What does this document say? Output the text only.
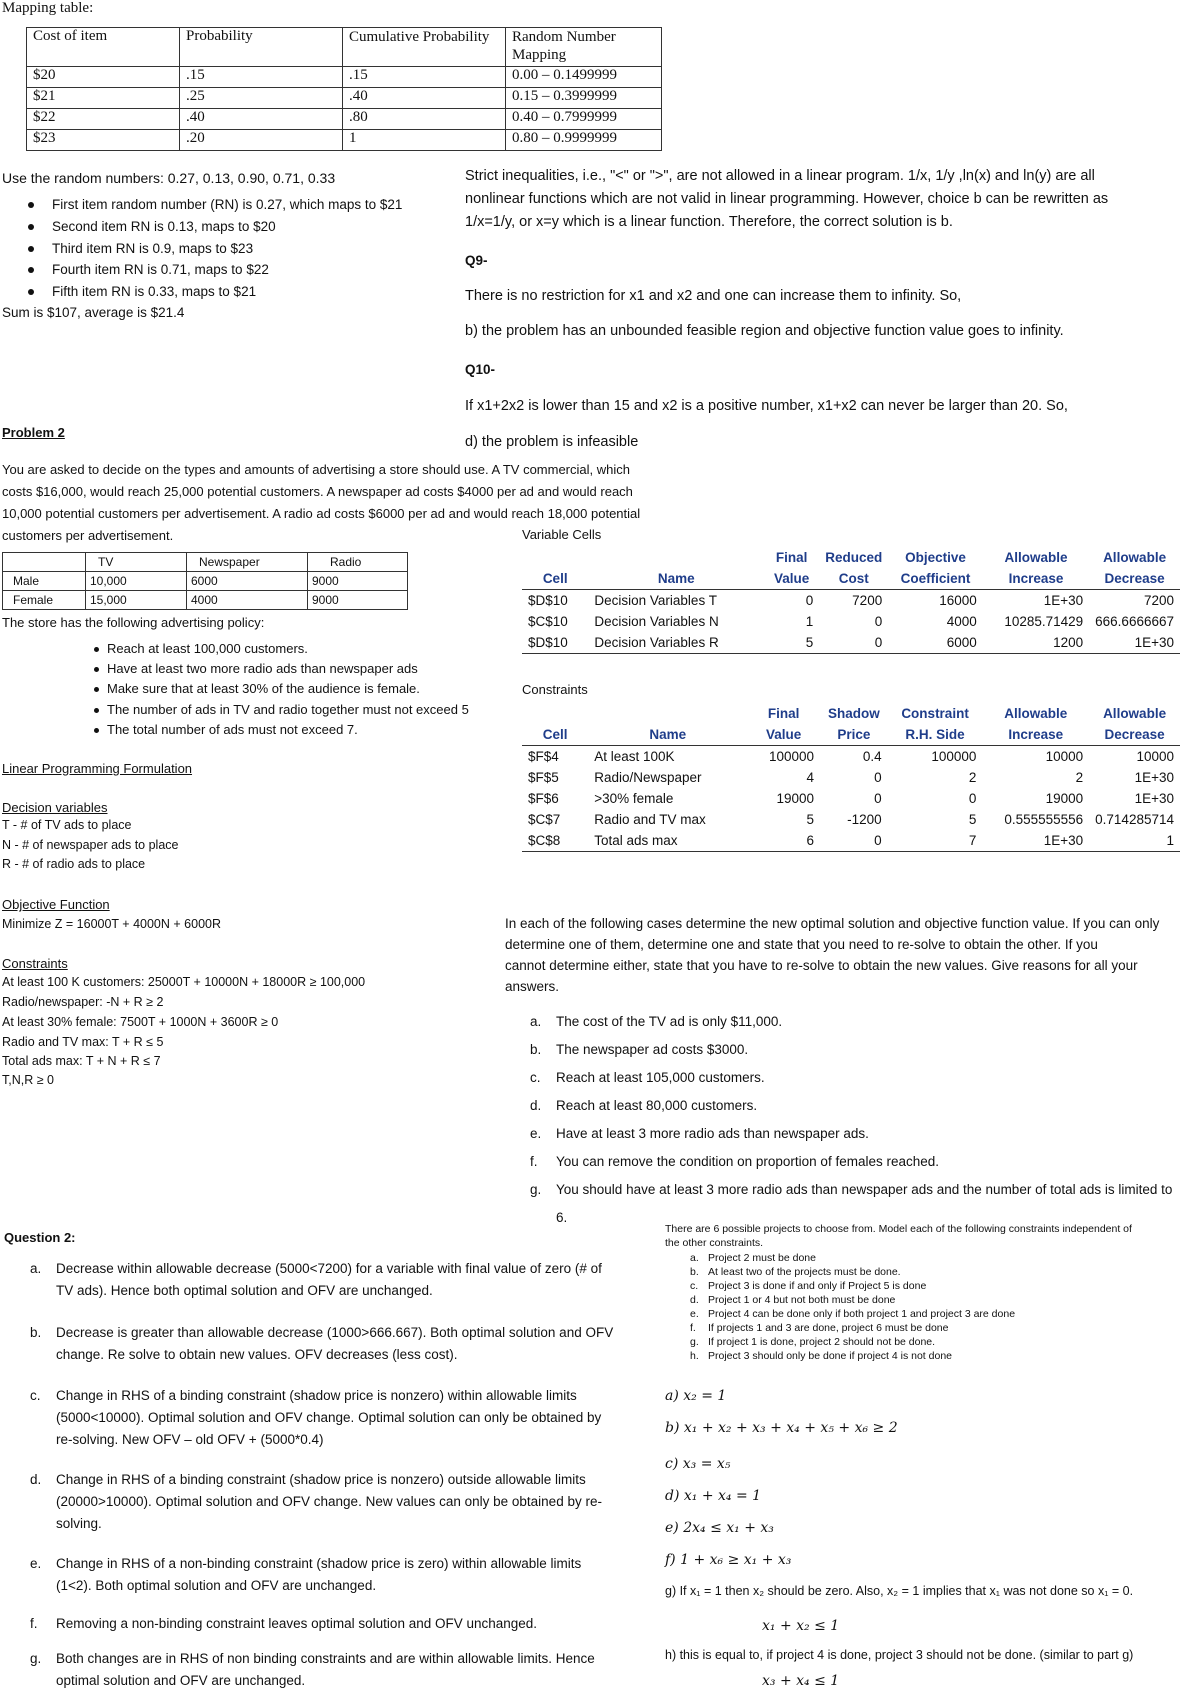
Mapping table:
Cost of item	Probability	Cumulative Probability	Random Number Mapping
$20	.15	.15	0.00 – 0.1499999
$21	.25	.40	0.15 – 0.3999999
$22	.40	.80	0.40 – 0.7999999
$23	.20	1	0.80 – 0.9999999
Use the random numbers: 0.27, 0.13, 0.90, 0.71, 0.33
First item random number (RN) is 0.27, which maps to $21
Second item RN is 0.13, maps to $20
Third item RN is 0.9, maps to $23
Fourth item RN is 0.71, maps to $22
Fifth item RN is 0.33, maps to $21
Sum is $107, average is $21.4
Strict inequalities, i.e., "<" or ">", are not allowed in a linear program. 1/x, 1/y ,ln(x) and ln(y) are all
nonlinear functions which are not valid in linear programming. However, choice b can be rewritten as
1/x=1/y, or x=y which is a linear function. Therefore, the correct solution is b.
Q9-
There is no restriction for x1 and x2 and one can increase them to infinity. So,
b) the problem has an unbounded feasible region and objective function value goes to infinity.
Q10-
If x1+2x2 is lower than 15 and x2 is a positive number, x1+x2 can never be larger than 20. So,
d) the problem is infeasible
Problem 2
You are asked to decide on the types and amounts of advertising a store should use. A TV commercial, which
costs $16,000, would reach 25,000 potential customers. A newspaper ad costs $4000 per ad and would reach
10,000 potential customers per advertisement. A radio ad costs $6000 per ad and would reach 18,000 potential
customers per advertisement.
	TV	Newspaper	Radio
Male	10,000	6000	9000
Female	15,000	4000	9000
The store has the following advertising policy:
Reach at least 100,000 customers.
Have at least two more radio ads than newspaper ads
Make sure that at least 30% of the audience is female.
The number of ads in TV and radio together must not exceed 5
The total number of ads must not exceed 7.
Linear Programming Formulation
Decision variables
T - # of TV ads to place
N - # of newspaper ads to place
R - # of radio ads to place
Objective Function
Minimize Z = 16000T + 4000N + 6000R
Constraints
At least 100 K customers: 25000T + 10000N + 18000R ≥ 100,000
Radio/newspaper: -N + R ≥ 2
At least 30% female: 7500T + 1000N + 3600R ≥ 0
Radio and TV max: T + R ≤ 5
Total ads max: T + N + R ≤ 7
T,N,R ≥ 0
Variable Cells
		Final	Reduced	Objective	Allowable	Allowable
Cell	Name	Value	Cost	Coefficient	Increase	Decrease
$D$10	Decision Variables T	0	7200	16000	1E+30	7200
$C$10	Decision Variables N	1	0	4000	10285.71429	666.6666667
$D$10	Decision Variables R	5	0	6000	1200	1E+30
Constraints
		Final	Shadow	Constraint	Allowable	Allowable
Cell	Name	Value	Price	R.H. Side	Increase	Decrease
$F$4	At least 100K	100000	0.4	100000	10000	10000
$F$5	Radio/Newspaper	4	0	2	2	1E+30
$F$6	>30% female	19000	0	0	19000	1E+30
$C$7	Radio and TV max	5	-1200	5	0.555555556	0.714285714
$C$8	Total ads max	6	0	7	1E+30	1
In each of the following cases determine the new optimal solution and objective function value. If you can only
determine one of them, determine one and state that you need to re-solve to obtain the other. If you
cannot determine either, state that you have to re-solve to obtain the new values. Give reasons for all your
answers.
a. The cost of the TV ad is only $11,000.
b. The newspaper ad costs $3000.
c. Reach at least 105,000 customers.
d. Reach at least 80,000 customers.
e. Have at least 3 more radio ads than newspaper ads.
f. You can remove the condition on proportion of females reached.
g. You should have at least 3 more radio ads than newspaper ads and the number of total ads is limited to
6.
Question 2:
a. Decrease within allowable decrease (5000<7200) for a variable with final value of zero (# of
TV ads). Hence both optimal solution and OFV are unchanged.
b. Decrease is greater than allowable decrease (1000>666.667). Both optimal solution and OFV
change. Re solve to obtain new values. OFV decreases (less cost).
c. Change in RHS of a binding constraint (shadow price is nonzero) within allowable limits
(5000<10000). Optimal solution and OFV change. Optimal solution can only be obtained by
re-solving. New OFV – old OFV + (5000*0.4)
d. Change in RHS of a binding constraint (shadow price is nonzero) outside allowable limits
(20000>10000). Optimal solution and OFV change. New values can only be obtained by re-
solving.
e. Change in RHS of a non-binding constraint (shadow price is zero) within allowable limits
(1<2). Both optimal solution and OFV are unchanged.
f. Removing a non-binding constraint leaves optimal solution and OFV unchanged.
g. Both changes are in RHS of non binding constraints and are within allowable limits. Hence
optimal solution and OFV are unchanged.
There are 6 possible projects to choose from. Model each of the following constraints independent of
the other constraints.
a. Project 2 must be done
b. At least two of the projects must be done.
c. Project 3 is done if and only if Project 5 is done
d. Project 1 or 4 but not both must be done
e. Project 4 can be done only if both project 1 and project 3 are done
f. If projects 1 and 3 are done, project 6 must be done
g. If project 1 is done, project 2 should not be done.
h. Project 3 should only be done if project 4 is not done
a) x₂ = 1
b) x₁ + x₂ + x₃ + x₄ + x₅ + x₆ ≥ 2
c) x₃ = x₅
d) x₁ + x₄ = 1
e) 2x₄ ≤ x₁ + x₃
f) 1 + x₆ ≥ x₁ + x₃
g) If x₁ = 1 then x₂ should be zero. Also, x₂ = 1 implies that x₁ was not done so x₁ = 0.
x₁ + x₂ ≤ 1
h) this is equal to, if project 4 is done, project 3 should not be done. (similar to part g)
x₃ + x₄ ≤ 1
